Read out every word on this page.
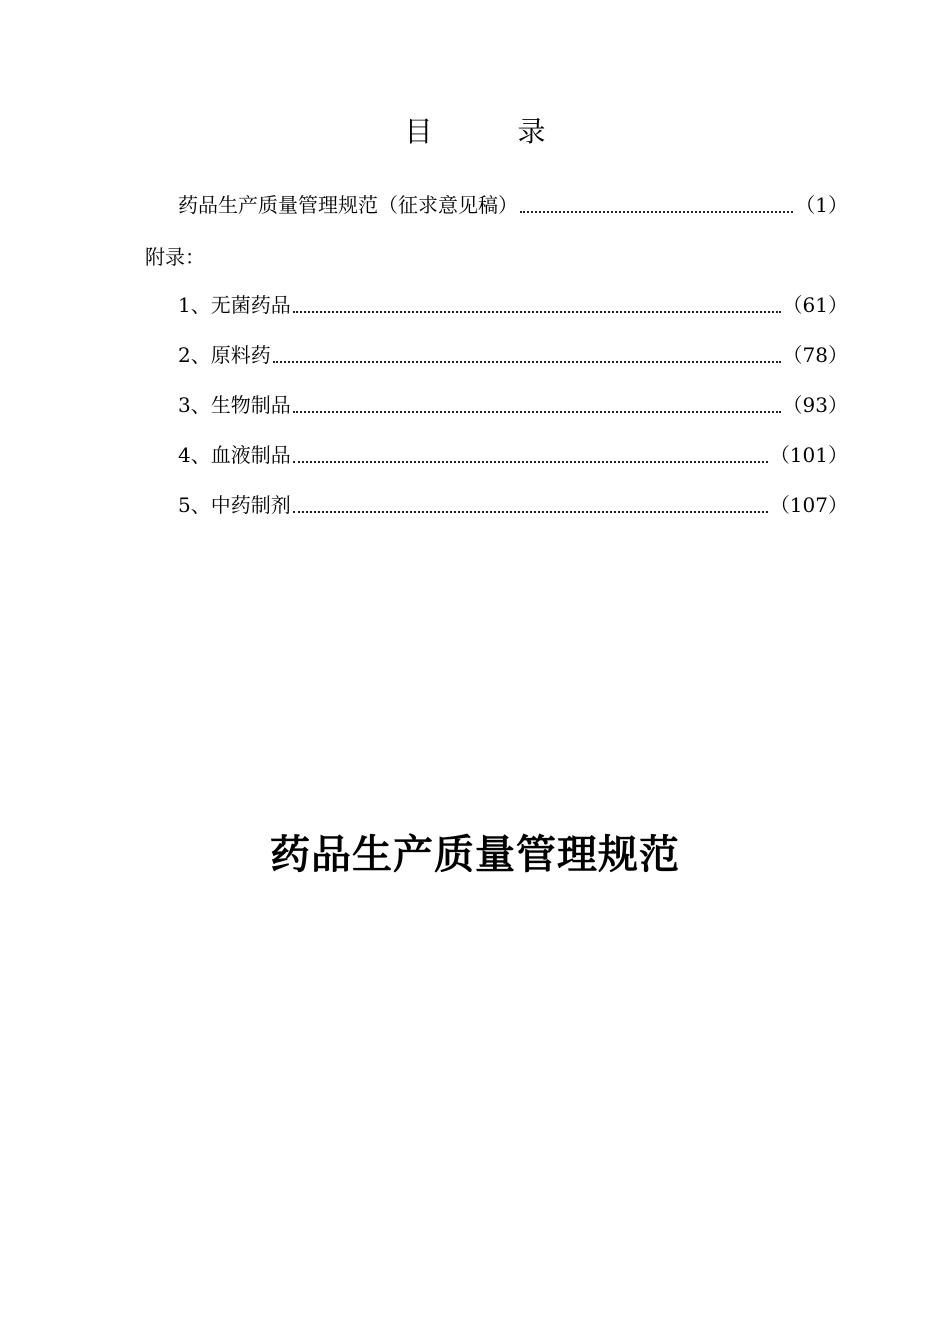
目 录
药品生产质量管理规范（征求意见稿）	（1）
附录：
1、无菌药品	（61）
2、原料药	（78）
3、生物制品	（93）
4、血液制品	（101）
5、中药制剂	（107）
药品生产质量管理规范
